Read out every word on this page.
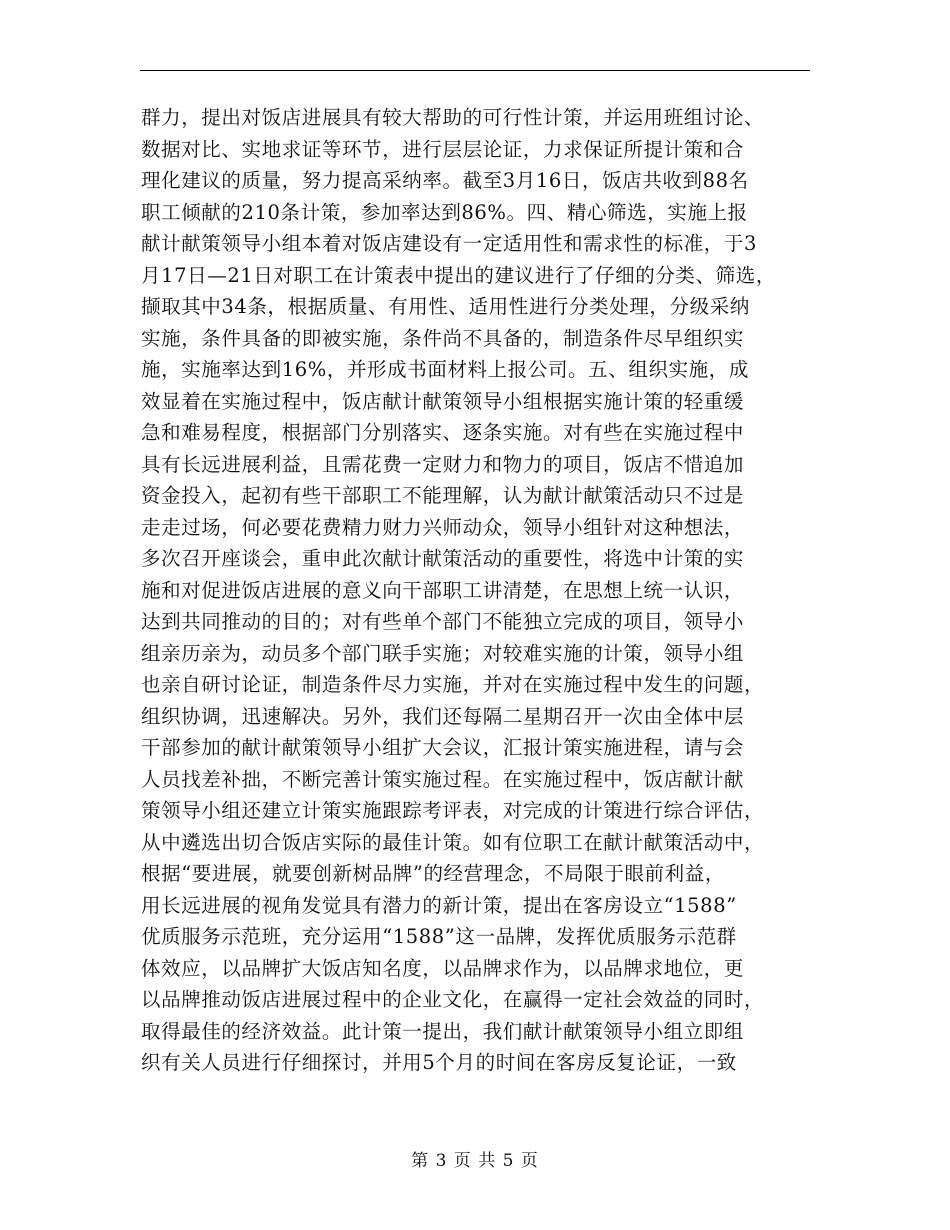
群力，提出对饭店进展具有较大帮助的可行性计策，并运用班组讨论、
数据对比、实地求证等环节，进行层层论证，力求保证所提计策和合
理化建议的质量，努力提高采纳率。截至3月16日，饭店共收到88名
职工倾献的210条计策，参加率达到86%。四、精心筛选，实施上报
献计献策领导小组本着对饭店建设有一定适用性和需求性的标准，于3
月17日—21日对职工在计策表中提出的建议进行了仔细的分类、筛选，
撷取其中34条，根据质量、有用性、适用性进行分类处理，分级采纳
实施，条件具备的即被实施，条件尚不具备的，制造条件尽早组织实
施，实施率达到16%，并形成书面材料上报公司。五、组织实施，成
效显着在实施过程中，饭店献计献策领导小组根据实施计策的轻重缓
急和难易程度，根据部门分别落实、逐条实施。对有些在实施过程中
具有长远进展利益，且需花费一定财力和物力的项目，饭店不惜追加
资金投入，起初有些干部职工不能理解，认为献计献策活动只不过是
走走过场，何必要花费精力财力兴师动众，领导小组针对这种想法，
多次召开座谈会，重申此次献计献策活动的重要性，将选中计策的实
施和对促进饭店进展的意义向干部职工讲清楚，在思想上统一认识，
达到共同推动的目的；对有些单个部门不能独立完成的项目，领导小
组亲历亲为，动员多个部门联手实施；对较难实施的计策，领导小组
也亲自研讨论证，制造条件尽力实施，并对在实施过程中发生的问题，
组织协调，迅速解决。另外，我们还每隔二星期召开一次由全体中层
干部参加的献计献策领导小组扩大会议，汇报计策实施进程，请与会
人员找差补拙，不断完善计策实施过程。在实施过程中，饭店献计献
策领导小组还建立计策实施跟踪考评表，对完成的计策进行综合评估，
从中遴选出切合饭店实际的最佳计策。如有位职工在献计献策活动中，
根据“要进展，就要创新树品牌”的经营理念，不局限于眼前利益，
用长远进展的视角发觉具有潜力的新计策，提出在客房设立“1588”
优质服务示范班，充分运用“1588”这一品牌，发挥优质服务示范群
体效应，以品牌扩大饭店知名度，以品牌求作为，以品牌求地位，更
以品牌推动饭店进展过程中的企业文化，在赢得一定社会效益的同时，
取得最佳的经济效益。此计策一提出，我们献计献策领导小组立即组
织有关人员进行仔细探讨，并用5个月的时间在客房反复论证，一致
第 3 页 共 5 页
